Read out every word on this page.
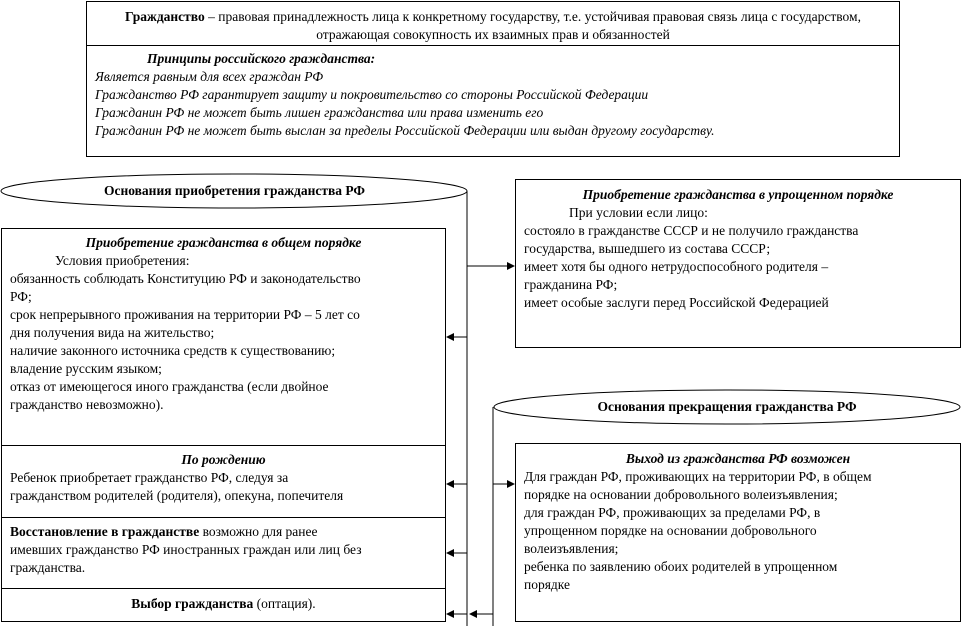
Гражданство – правовая принадлежность лица к конкретному государству, т.е. устойчивая правовая связь лица с государством, отражающая совокупность их взаимных прав и обязанностей
Принципы российского гражданства:
Является равным для всех граждан РФ
Гражданство РФ гарантирует защиту и покровительство со стороны Российской Федерации
Гражданин РФ не может быть лишен гражданства или права изменить его
Гражданин РФ не может быть выслан за пределы Российской Федерации или выдан другому государству.
Основания приобретения гражданства РФ
Основания прекращения гражданства РФ
Приобретение гражданства в упрощенном порядке
При условии если лицо:
состояло в гражданстве СССР и не получило гражданства
государства, вышедшего из состава СССР;
имеет хотя бы одного нетрудоспособного родителя –
гражданина РФ;
имеет особые заслуги перед Российской Федерацией
Приобретение гражданства в общем порядке
Условия приобретения:
обязанность соблюдать Конституцию РФ и законодательство
РФ;
срок непрерывного проживания на территории РФ – 5 лет со
дня получения вида на жительство;
наличие законного источника средств к существованию;
владение русским языком;
отказ от имеющегося иного гражданства (если двойное
гражданство невозможно).
По рождению
Ребенок приобретает гражданство РФ, следуя за
гражданством родителей (родителя), опекуна, попечителя
Восстановление в гражданстве возможно для ранее
имевших гражданство РФ иностранных граждан или лиц без
гражданства.
Выбор гражданства (оптация).
Выход из гражданства РФ возможен
Для граждан РФ, проживающих на территории РФ, в общем
порядке на основании добровольного волеизъявления;
для граждан РФ, проживающих за пределами РФ, в
упрощенном порядке на основании добровольного
волеизъявления;
ребенка по заявлению обоих родителей в упрощенном
порядке
